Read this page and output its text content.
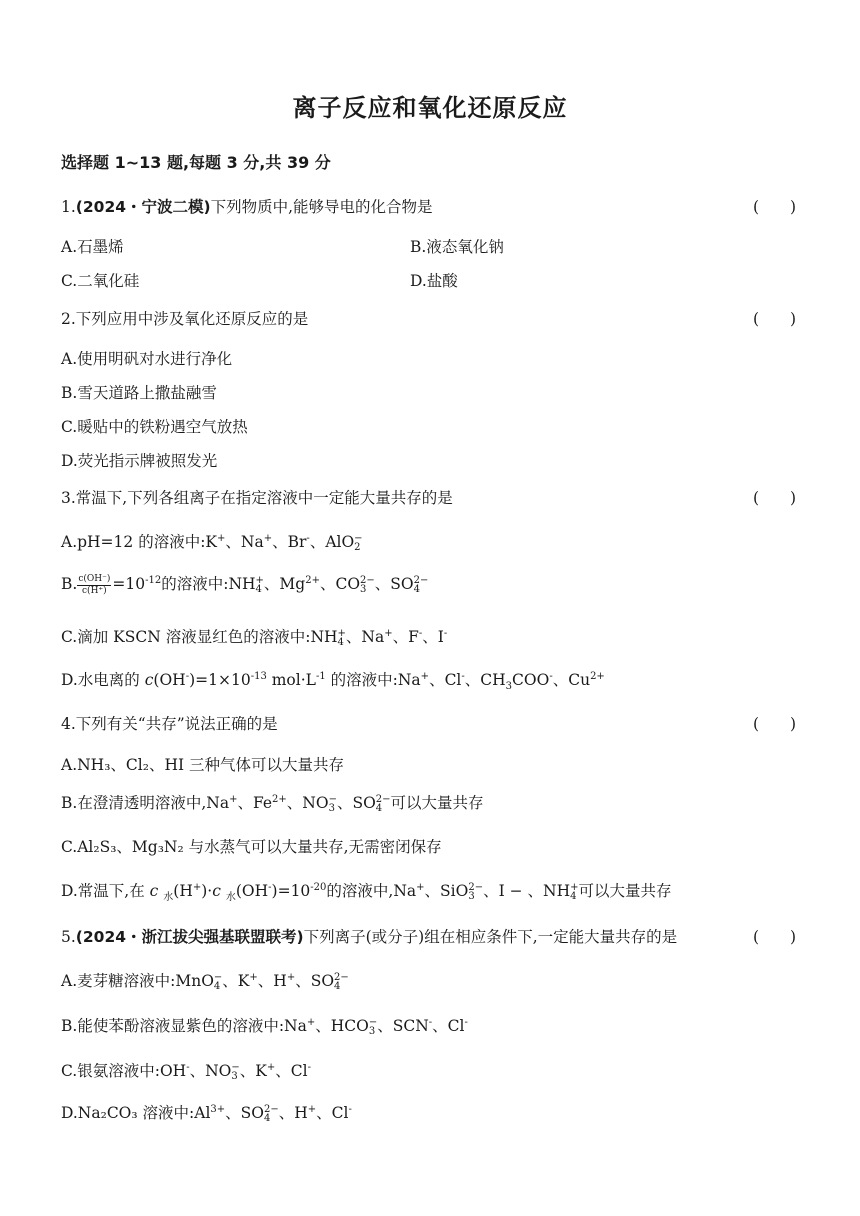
离子反应和氧化还原反应
选择题 1~13 题,每题 3 分,共 39 分
1.(2024・宁波二模)下列物质中,能够导电的化合物是	(　　)
A.石墨烯	B.液态氧化钠
C.二氧化硅	D.盐酸
2.下列应用中涉及氧化还原反应的是	(　　)
A.使用明矾对水进行净化
B.雪天道路上撒盐融雪
C.暖贴中的铁粉遇空气放热
D.荧光指示牌被照发光
3.常温下,下列各组离子在指定溶液中一定能大量共存的是	(　　)
A.pH=12 的溶液中:K+、Na+、Br-、AlO −
2
B. $\frac{c(OH^-)}{c(H^+)} =10^{-12}$的溶液中:NH +
4 、$Mg^{2+}$、CO 2−
3 、SO 2−
4
C.滴加 KSCN 溶液显红色的溶液中:NH +
4 、Na+、F-、I-
D.水电离的 $c(OH^-)=1\times 10^{-13}$ $mol\cdot L^{-1}$ 的溶液中:Na+、Cl-、$CH_3COO^-$、$Cu^{2+}$
4.下列有关“共存”说法正确的是	(　　)
A.NH₃、Cl₂、HI 三种气体可以大量共存
B.在澄清透明溶液中,Na+、$Fe^{2+}$、NO −
3 、SO 2−
4 可以大量共存
C.Al₂S₃、Mg₃N₂ 与水蒸气可以大量共存,无需密闭保存
D.常温下,在 c $_水$(H+)·c $_水(OH^-)=10^{-20}$的溶液中,Na+、SiO 2−
3 、I − 、NH +
4 可以大量共存
5.(2024・浙江拔尖强基联盟联考)下列离子(或分子)组在相应条件下,一定能大量共存的是	(　　)
A.麦芽糖溶液中:MnO −
4 、K+、H+、SO 2−
4
B.能使苯酚溶液显紫色的溶液中:Na+、HCO −
3 、SCN-、Cl-
C.银氨溶液中:OH-、NO −
3 、K+、Cl-
D.Na₂CO₃ 溶液中$:Al^{3+}$、SO 2−
4 、H+、Cl-
